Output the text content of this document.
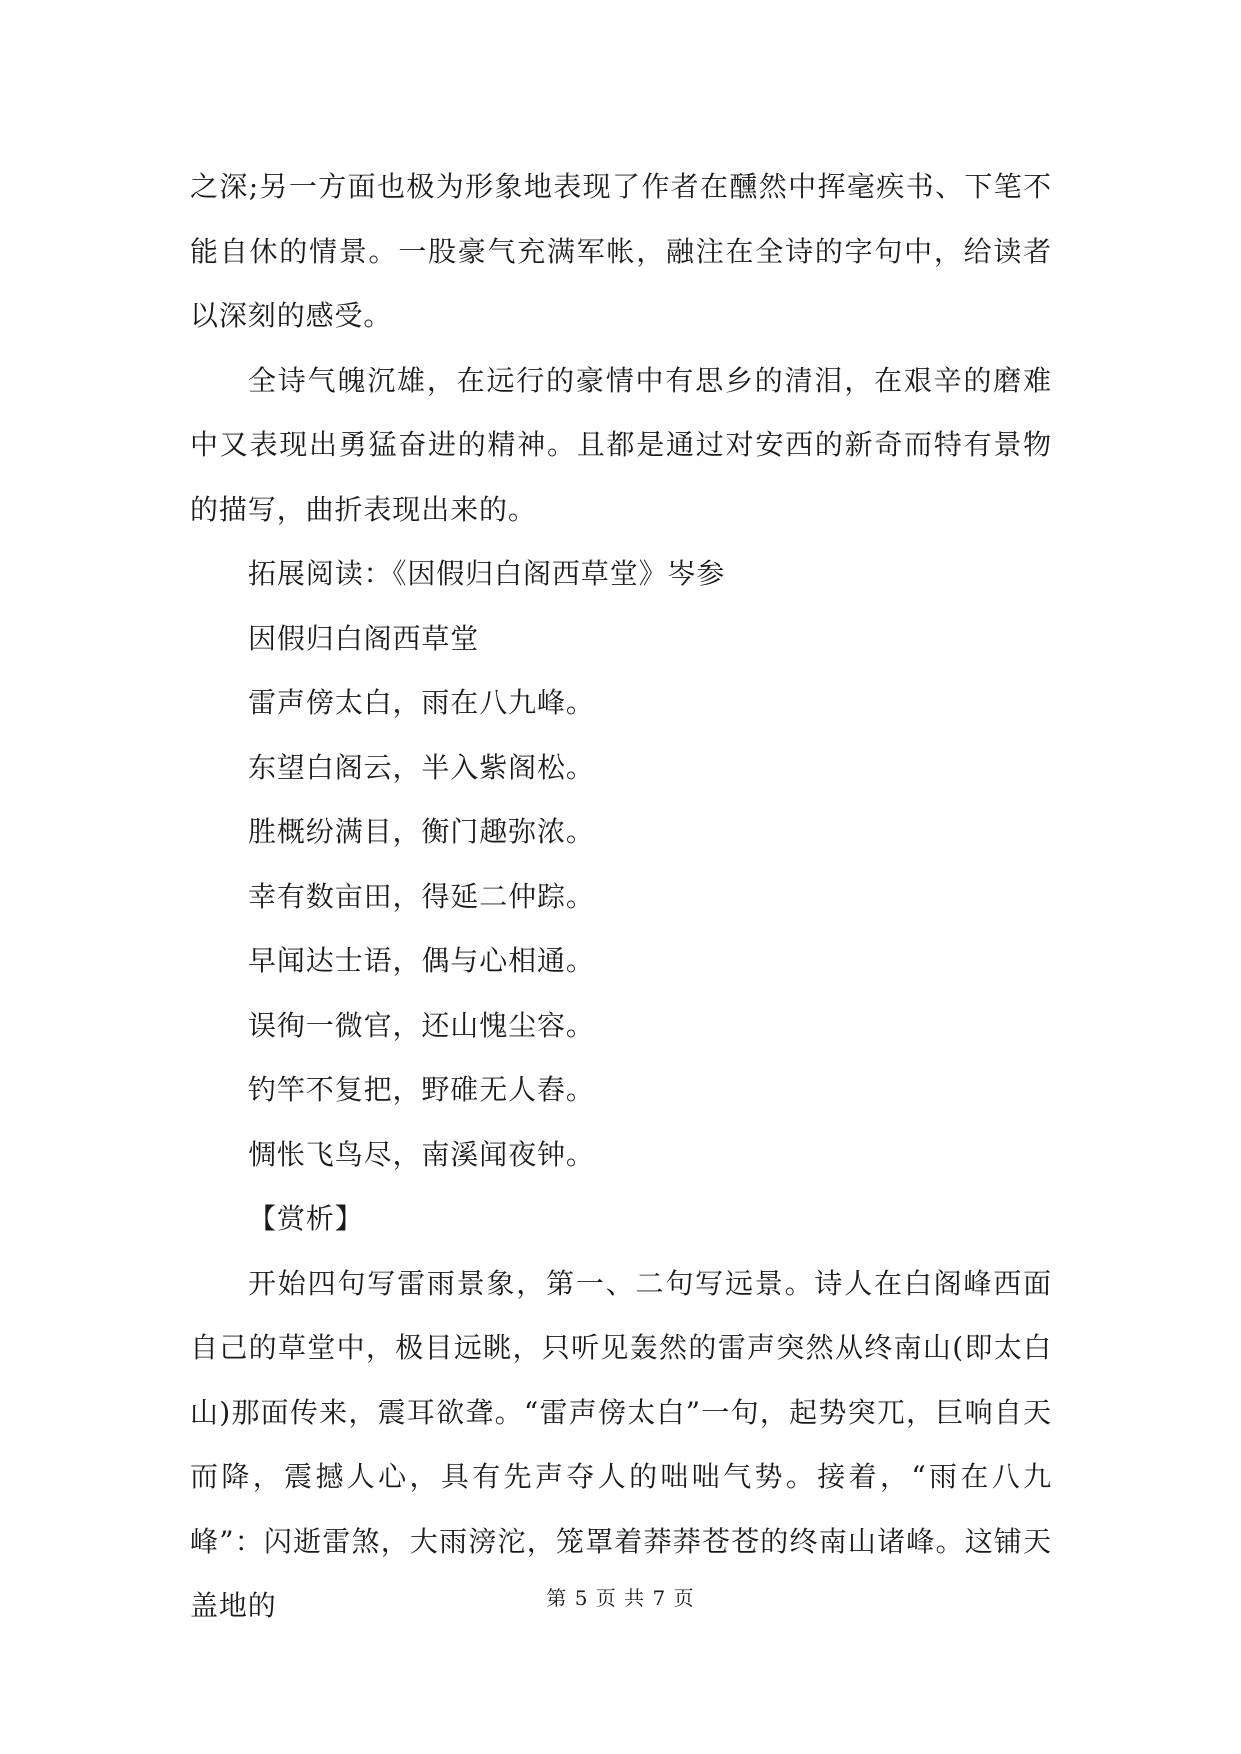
之深;另一方面也极为形象地表现了作者在醺然中挥毫疾书、下笔不能自休的情景。一股豪气充满军帐，融注在全诗的字句中，给读者以深刻的感受。

全诗气魄沉雄，在远行的豪情中有思乡的清泪，在艰辛的磨难中又表现出勇猛奋进的精神。且都是通过对安西的新奇而特有景物的描写，曲折表现出来的。

拓展阅读：《因假归白阁西草堂》岑参

因假归白阁西草堂

雷声傍太白，雨在八九峰。

东望白阁云，半入紫阁松。

胜概纷满目，衡门趣弥浓。

幸有数亩田，得延二仲踪。

早闻达士语，偶与心相通。

误徇一微官，还山愧尘容。

钓竿不复把，野碓无人舂。

惆怅飞鸟尽，南溪闻夜钟。

【赏析】

开始四句写雷雨景象，第一、二句写远景。诗人在白阁峰西面自己的草堂中，极目远眺，只听见轰然的雷声突然从终南山(即太白山)那面传来，震耳欲聋。“雷声傍太白”一句，起势突兀，巨响自天而降，震撼人心，具有先声夺人的咄咄气势。接着，“雨在八九峰”：闪逝雷煞，大雨滂沱，笼罩着莽莽苍苍的终南山诸峰。这铺天盖地的	第 5 页 共 7 页
